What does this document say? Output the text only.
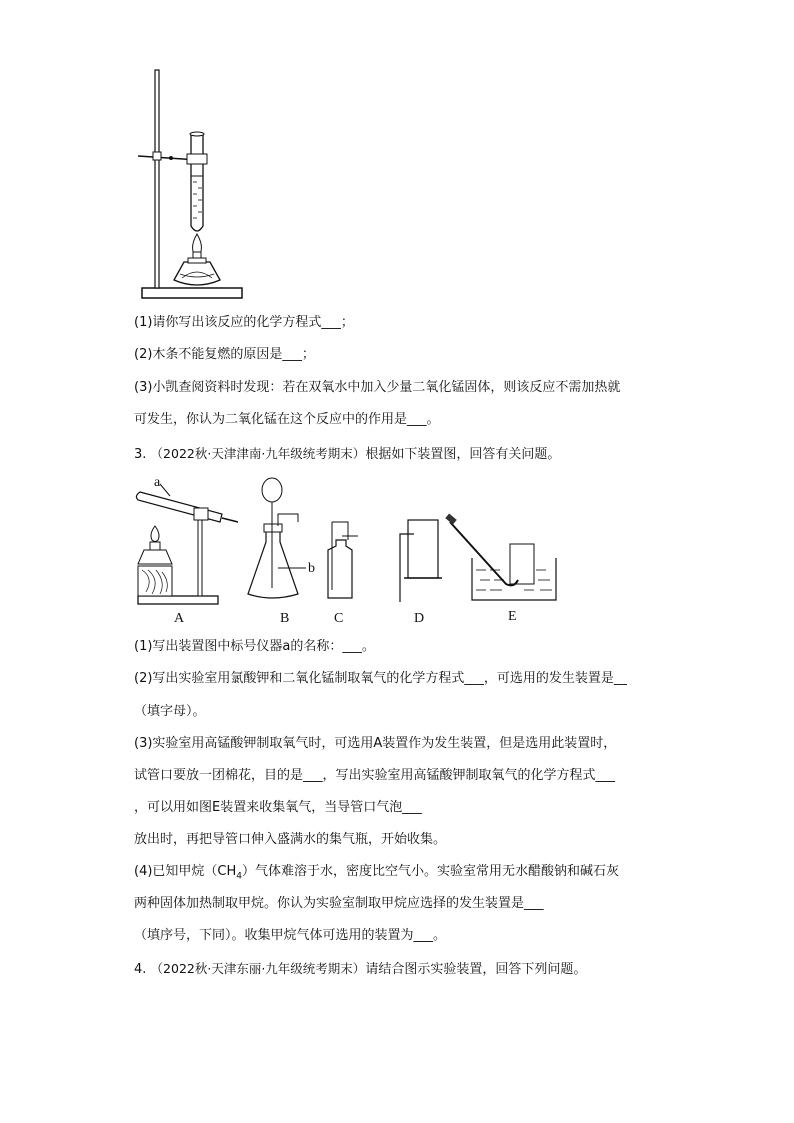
(1)请你写出该反应的化学方程式___；
(2)木条不能复燃的原因是___；
(3)小凯查阅资料时发现：若在双氧水中加入少量二氧化锰固体，则该反应不需加热就
可发生，你认为二氧化锰在这个反应中的作用是___。
3. （2022秋·天津津南·九年级统考期末）根据如下装置图，回答有关问题。
a
A
b
B	C	D	E
(1)写出装置图中标号仪器a的名称：___。
(2)写出实验室用氯酸钾和二氧化锰制取氧气的化学方程式___，可选用的发生装置是__
（填字母）。
(3)实验室用高锰酸钾制取氧气时，可选用A装置作为发生装置，但是选用此装置时，
试管口要放一团棉花，目的是___，写出实验室用高锰酸钾制取氧气的化学方程式___
，可以用如图E装置来收集氧气，当导管口气泡___
放出时，再把导管口伸入盛满水的集气瓶，开始收集。
(4)已知甲烷$(CH_4)$气体难溶于水，密度比空气小。实验室常用无水醋酸钠和碱石灰
两种固体加热制取甲烷。你认为实验室制取甲烷应选择的发生装置是___
（填序号，下同）。收集甲烷气体可选用的装置为___。
4. （2022秋·天津东丽·九年级统考期末）请结合图示实验装置，回答下列问题。
